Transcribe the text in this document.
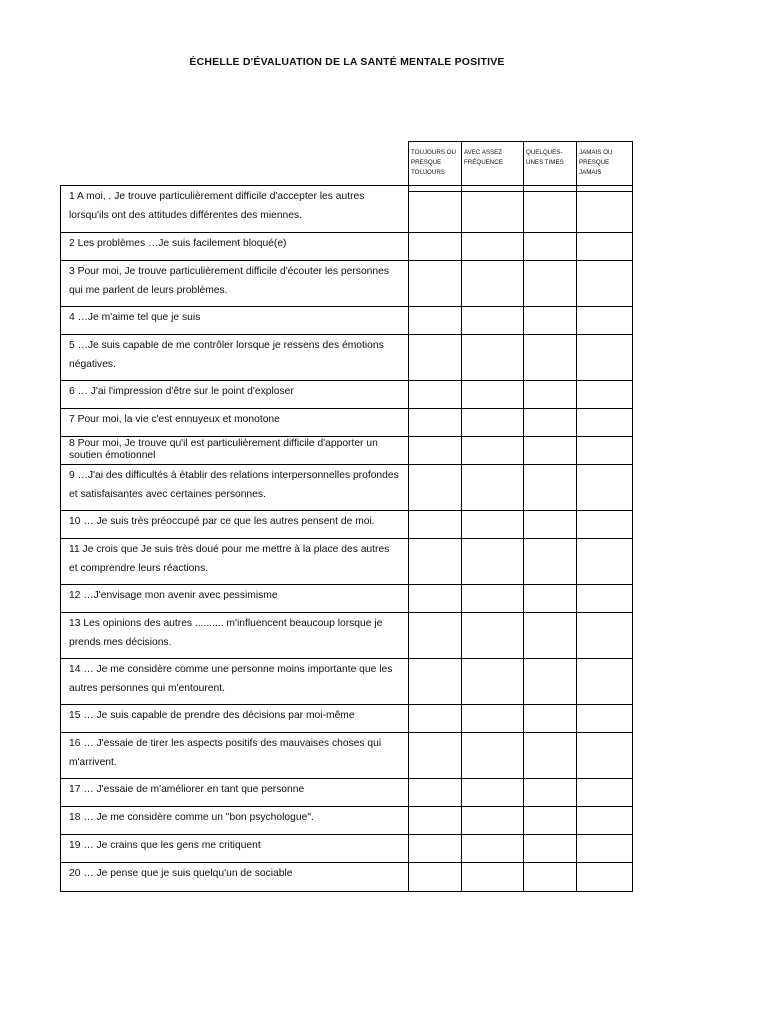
ÉCHELLE D'ÉVALUATION DE LA SANTÉ MENTALE POSITIVE
TOUJOURS OU PRESQUE TOUJOURS	AVEC ASSEZ FRÉQUENCE	QUELQUES-UNES TIMES	JAMAIS OU PRESQUE JAMAIS
1 A moi, . Je trouve particulièrement difficile d'accepter les autres lorsqu'ils ont des attitudes différentes des miennes.				
2 Les problèmes …Je suis facilement bloqué(e)				
3 Pour moi, Je trouve particulièrement difficile d'écouter les personnes qui me parlent de leurs problèmes.				
4 …Je m'aime tel que je suis				
5 …Je suis capable de me contrôler lorsque je ressens des émotions négatives.				
6 … J'ai l'impression d'être sur le point d'exploser				
7 Pour moi, la vie c'est ennuyeux et monotone				
8 Pour moi, Je trouve qu'il est particulièrement difficile d'apporter un soutien émotionnel				
9 …J'ai des difficultés à établir des relations interpersonnelles profondes et satisfaisantes avec certaines personnes.				
10 … Je suis très préoccupé par ce que les autres pensent de moi.				
11 Je crois que Je suis très doué pour me mettre à la place des autres et comprendre leurs réactions.				
12 …J'envisage mon avenir avec pessimisme				
13 Les opinions des autres .......... m'influencent beaucoup lorsque je prends mes décisions.				
14 … Je me considère comme une personne moins importante que les autres personnes qui m'entourent.				
15 … Je suis capable de prendre des décisions par moi-même				
16 … J'essaie de tirer les aspects positifs des mauvaises choses qui m'arrivent.				
17 … J'essaie de m'améliorer en tant que personne				
18 … Je me considère comme un "bon psychologue".				
19 … Je crains que les gens me critiquent				
20 … Je pense que je suis quelqu'un de sociable				
